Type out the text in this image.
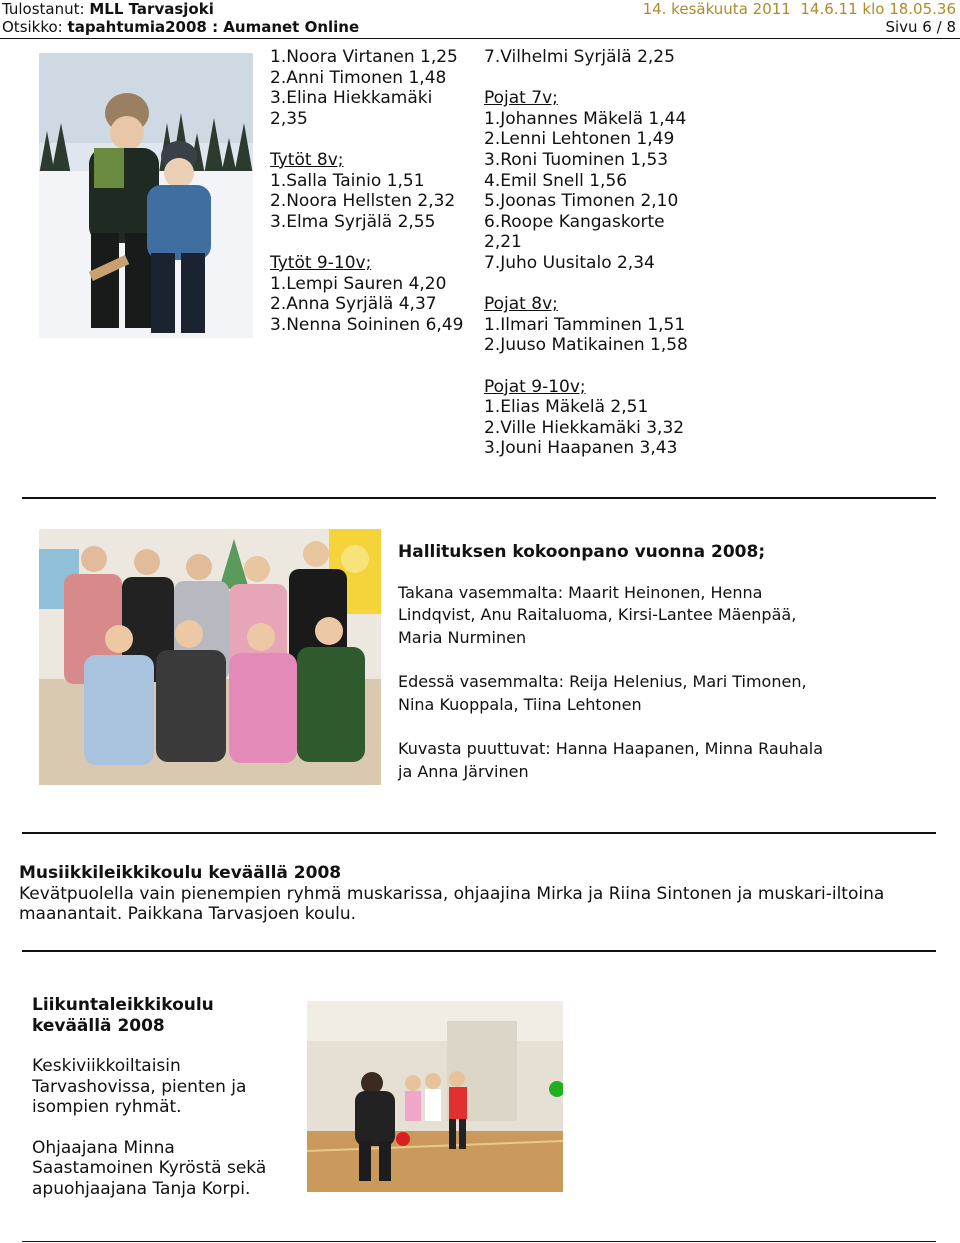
Tulostanut: MLL Tarvasjoki
Otsikko: tapahtumia2008 : Aumanet Online
14. kesäkuuta 2011 14.6.11 klo 18.05.36
Sivu 6 / 8
1.Noora Virtanen 1,25
2.Anni Timonen 1,48
3.Elina Hiekkamäki
2,35
Tytöt 8v;
1.Salla Tainio 1,51
2.Noora Hellsten 2,32
3.Elma Syrjälä 2,55
Tytöt 9-10v;
1.Lempi Sauren 4,20
2.Anna Syrjälä 4,37
3.Nenna Soininen 6,49
7.Vilhelmi Syrjälä 2,25
Pojat 7v;
1.Johannes Mäkelä 1,44
2.Lenni Lehtonen 1,49
3.Roni Tuominen 1,53
4.Emil Snell 1,56
5.Joonas Timonen 2,10
6.Roope Kangaskorte
2,21
7.Juho Uusitalo 2,34
Pojat 8v;
1.Ilmari Tamminen 1,51
2.Juuso Matikainen 1,58
Pojat 9-10v;
1.Elias Mäkelä 2,51
2.Ville Hiekkamäki 3,32
3.Jouni Haapanen 3,43

Hallituksen kokoonpano vuonna 2008;

Takana vasemmalta: Maarit Heinonen, Henna Lindqvist, Anu Raitaluoma, Kirsi-Lantee Mäenpää, Maria Nurminen

Edessä vasemmalta: Reija Helenius, Mari Timonen, Nina Kuoppala, Tiina Lehtonen

Kuvasta puuttuvat: Hanna Haapanen, Minna Rauhala ja Anna Järvinen

Musiikkileikkikoulu keväällä 2008
Kevätpuolella vain pienempien ryhmä muskarissa, ohjaajina Mirka ja Riina Sintonen ja muskari-iltoina maanantait. Paikkana Tarvasjoen koulu.
Liikuntaleikkikoulu keväällä 2008
Keskiviikkoiltaisin Tarvashovissa, pienten ja isompien ryhmät.
Ohjaajana Minna Saastamoinen Kyröstä sekä apuohjaajana Tanja Korpi.
